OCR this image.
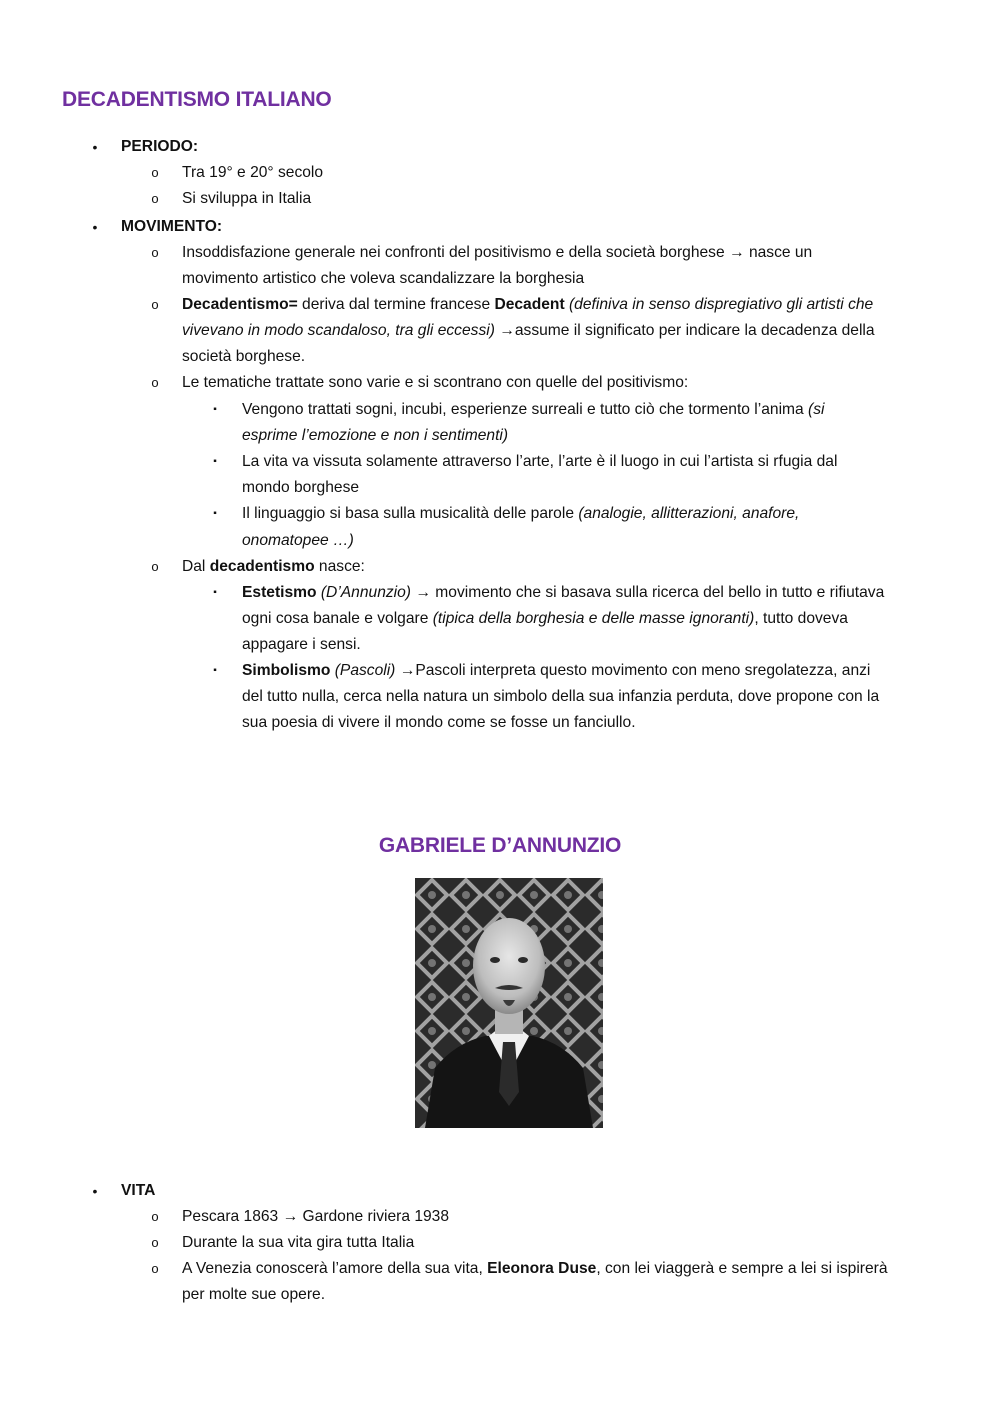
DECADENTISMO ITALIANO
• PERIODO:
o Tra 19° e 20° secolo
o Si sviluppa in Italia
• MOVIMENTO:
o Insoddisfazione generale nei confronti del positivismo e della società borghese → nasce un
movimento artistico che voleva scandalizzare la borghesia
o Decadentismo= deriva dal termine francese Decadent (definiva in senso dispregiativo gli artisti che
vivevano in modo scandaloso, tra gli eccessi) →assume il significato per indicare la decadenza della
società borghese.
o Le tematiche trattate sono varie e si scontrano con quelle del positivismo:
▪	Vengono trattati sogni, incubi, esperienze surreali e tutto ciò che tormento l’anima (si
esprime l’emozione e non i sentimenti)
▪	La vita va vissuta solamente attraverso l’arte, l’arte è il luogo in cui l’artista si rfugia dal
mondo borghese
▪	Il linguaggio si basa sulla musicalità delle parole (analogie, allitterazioni, anafore,
onomatopee …)
o Dal decadentismo nasce:
▪	Estetismo (D’Annunzio) → movimento che si basava sulla ricerca del bello in tutto e rifiutava
ogni cosa banale e volgare (tipica della borghesia e delle masse ignoranti), tutto doveva
appagare i sensi.
▪	Simbolismo (Pascoli) →Pascoli interpreta questo movimento con meno sregolatezza, anzi
del tutto nulla, cerca nella natura un simbolo della sua infanzia perduta, dove propone con la
sua poesia di vivere il mondo come se fosse un fanciullo.
GABRIELE D’ANNUNZIO
• VITA
o Pescara 1863 → Gardone riviera 1938
o Durante la sua vita gira tutta Italia
o A Venezia conoscerà l’amore della sua vita, Eleonora Duse, con lei viaggerà e sempre a lei si ispirerà
per molte sue opere.
